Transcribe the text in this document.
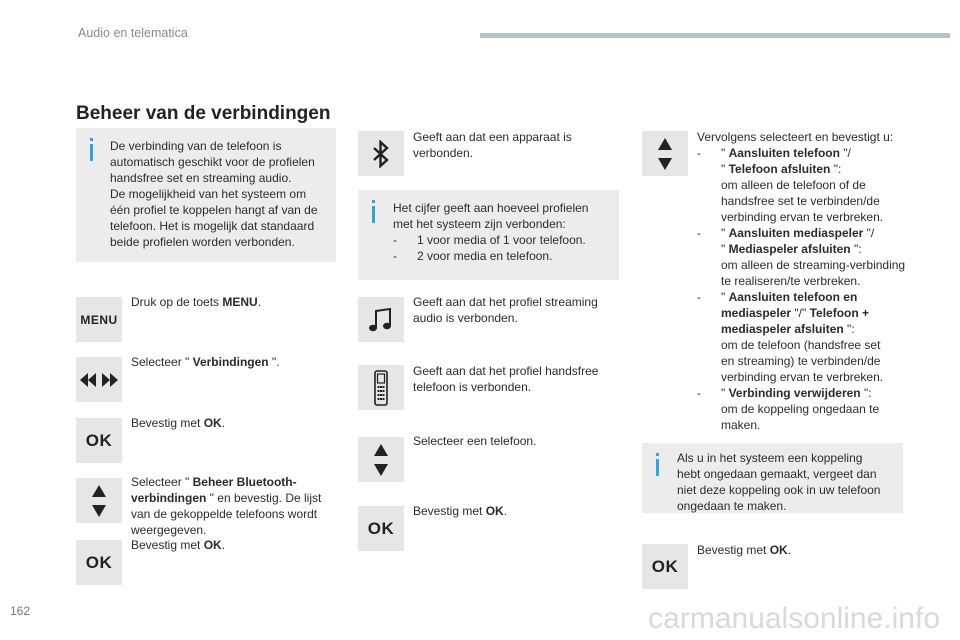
Audio en telematica
Beheer van de verbindingen
De verbinding van de telefoon is
automatisch geschikt voor de profielen
handsfree set en streaming audio.
De mogelijkheid van het systeem om
één profiel te koppelen hangt af van de
telefoon. Het is mogelijk dat standaard
beide profielen worden verbonden.
MENU
Druk op de toets MENU.
Selecteer " Verbindingen ".
OK
Bevestig met OK.
Selecteer " Beheer Bluetooth-
verbindingen " en bevestig. De lijst
van de gekoppelde telefoons wordt
weergegeven.
OK
Bevestig met OK.
Geeft aan dat een apparaat is
verbonden.
Het cijfer geeft aan hoeveel profielen
met het systeem zijn verbonden:
-	1 voor media of 1 voor telefoon.
-	2 voor media en telefoon.
Geeft aan dat het profiel streaming
audio is verbonden.
Geeft aan dat het profiel handsfree
telefoon is verbonden.
Selecteer een telefoon.
OK
Bevestig met OK.
Vervolgens selecteert en bevestigt u:
-	" Aansluiten telefoon "/
" Telefoon afsluiten ":
om alleen de telefoon of de
handsfree set te verbinden/de
verbinding ervan te verbreken.
-	" Aansluiten mediaspeler "/
" Mediaspeler afsluiten ":
om alleen de streaming-verbinding
te realiseren/te verbreken.
-	" Aansluiten telefoon en
mediaspeler "/" Telefoon +
mediaspeler afsluiten ":
om de telefoon (handsfree set
en streaming) te verbinden/de
verbinding ervan te verbreken.
-	" Verbinding verwijderen ":
om de koppeling ongedaan te
maken.
Als u in het systeem een koppeling
hebt ongedaan gemaakt, vergeet dan
niet deze koppeling ook in uw telefoon
ongedaan te maken.
OK
Bevestig met OK.
162	carmanualsonline.info
